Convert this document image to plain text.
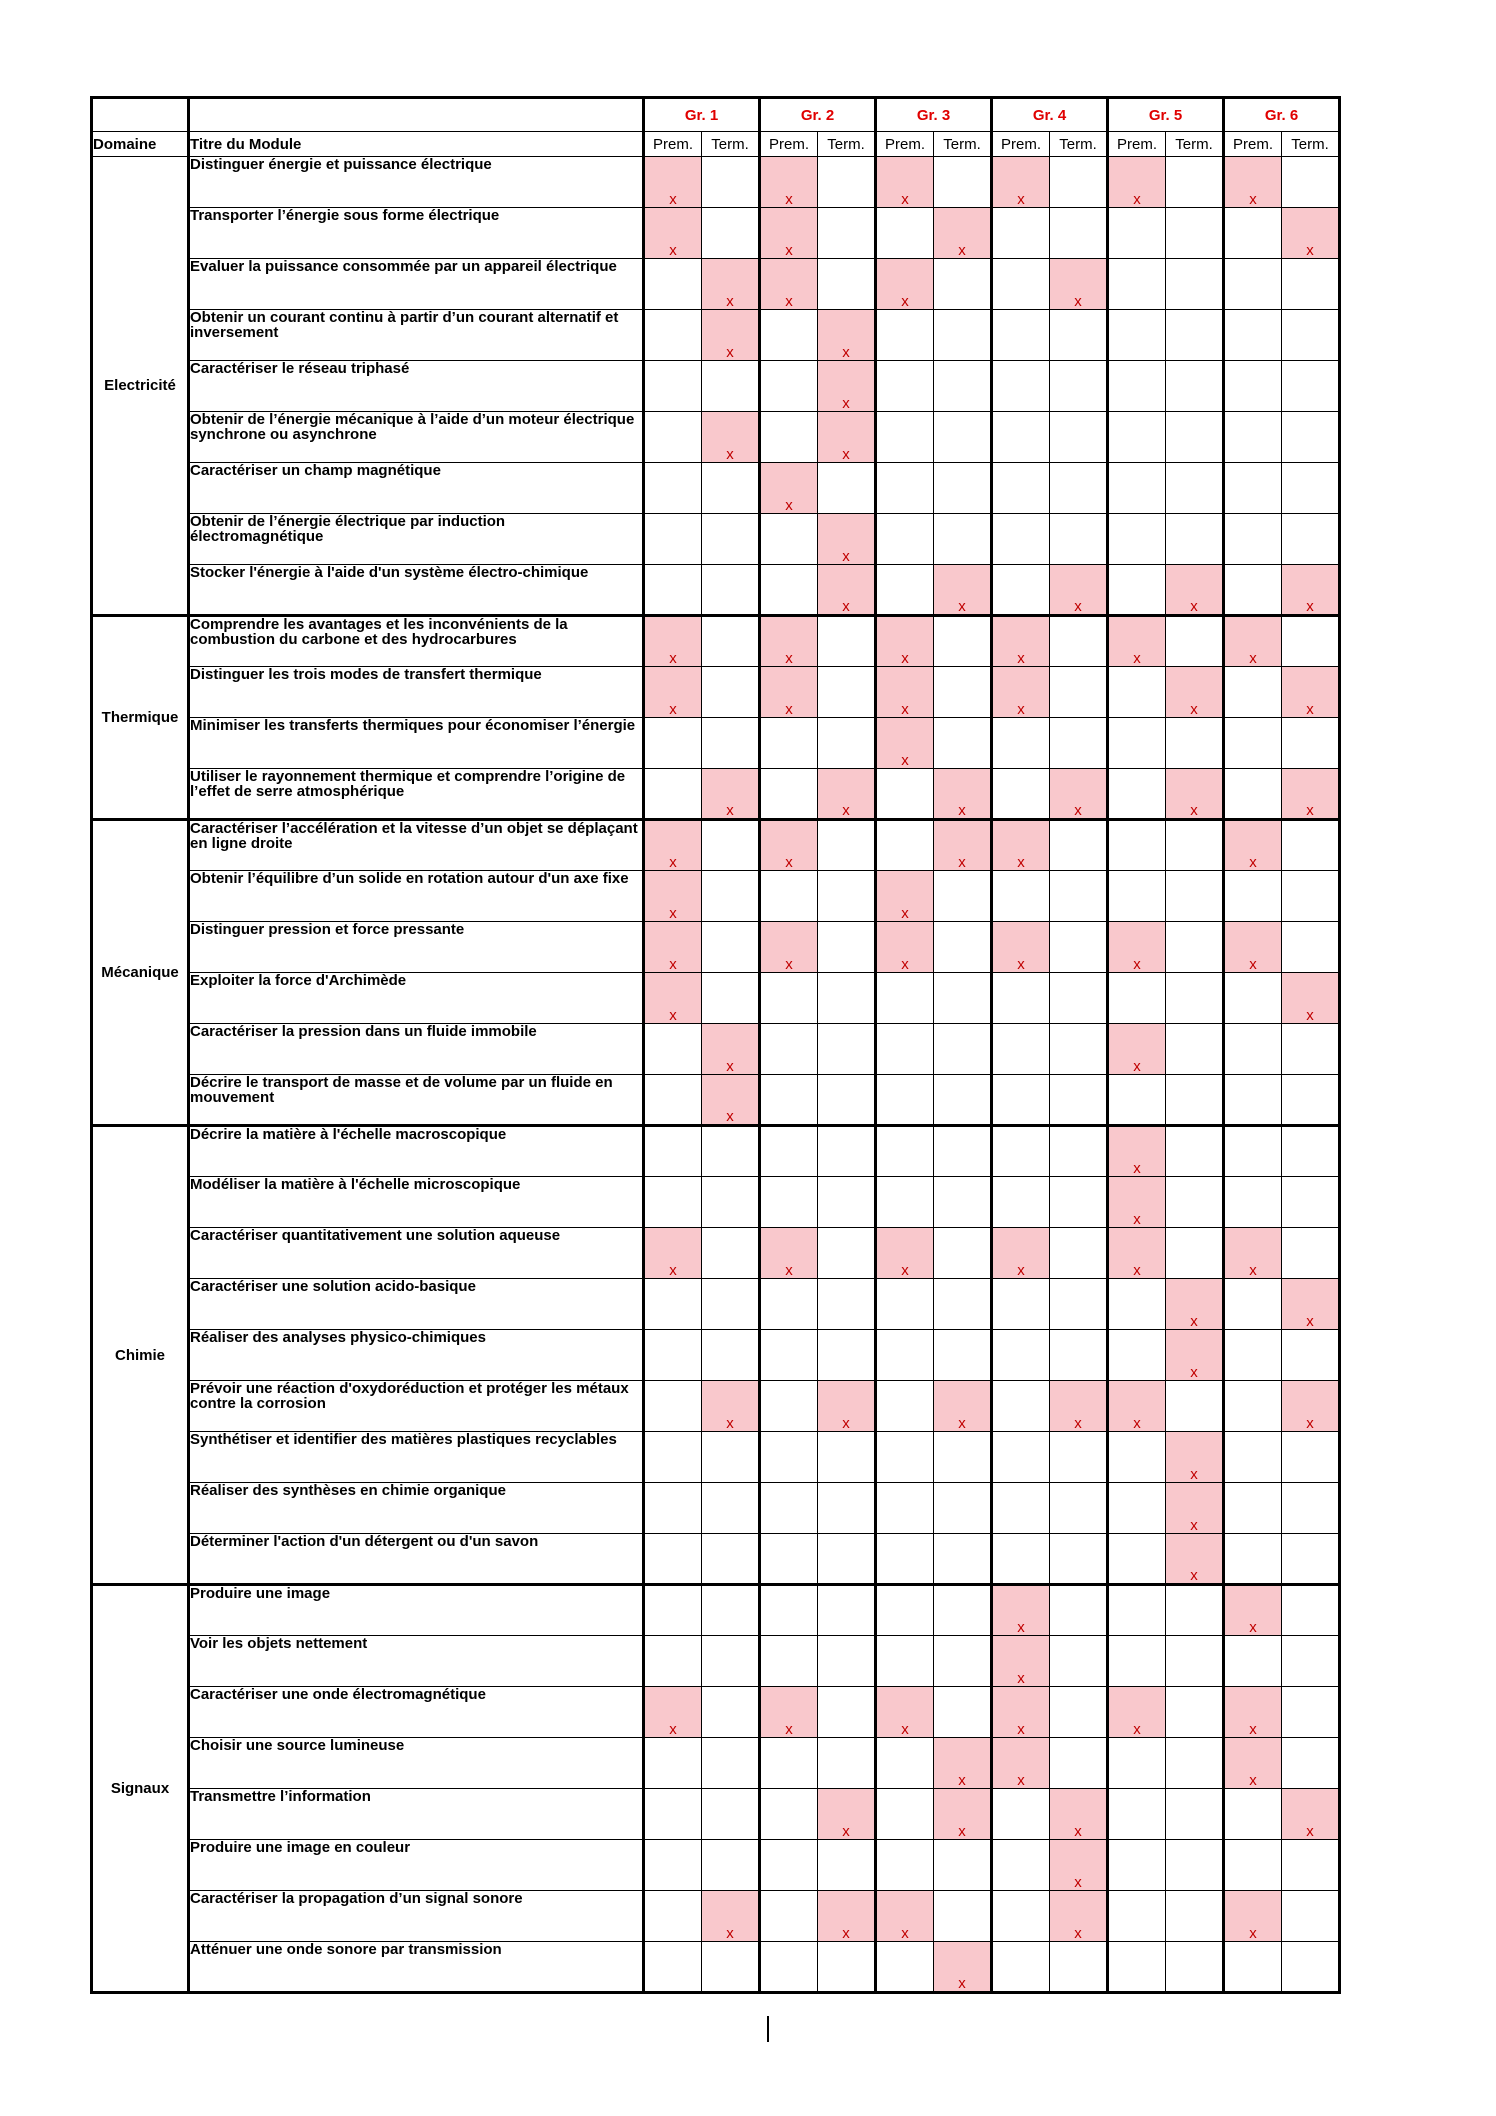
		Gr. 1		Gr. 2		Gr. 3		Gr. 4		Gr. 5		Gr. 6	
Domaine	Titre du Module	Prem.	Term.	Prem.	Term.	Prem.	Term.	Prem.	Term.	Prem.	Term.	Prem.	Term.
Electricité	Distinguer énergie et puissance électrique	x		x		x		x		x		x	
	Transporter l’énergie sous forme électrique	x		x			x						x
	Evaluer la puissance consommée par un appareil électrique		x	x		x			x				
	Obtenir un courant continu à partir d’un courant alternatif et inversement		x		x								
	Caractériser le réseau triphasé				x								
	Obtenir de l’énergie mécanique à l’aide d’un moteur électrique synchrone ou asynchrone		x		x								
	Caractériser un champ magnétique			x									
	Obtenir de l’énergie électrique par induction électromagnétique				x								
	Stocker l'énergie à l'aide d'un système électro-chimique				x		x		x		x		x
Thermique	Comprendre les avantages et les inconvénients de la combustion du carbone et des hydrocarbures	x		x		x		x		x		x	
	Distinguer les trois modes de transfert thermique	x		x		x		x			x		x
	Minimiser les transferts thermiques pour économiser l’énergie					x							
	Utiliser le rayonnement thermique et comprendre l’origine de l’effet de serre atmosphérique		x		x		x		x		x		x
Mécanique	Caractériser l’accélération et la vitesse d’un objet se déplaçant en ligne droite	x		x			x	x				x	
	Obtenir l’équilibre d’un solide en rotation autour d'un axe fixe	x				x							
	Distinguer pression et force pressante	x		x		x		x		x		x	
	Exploiter la force d'Archimède	x											x
	Caractériser la pression dans un fluide immobile		x							x			
	Décrire le transport de masse et de volume par un fluide en mouvement		x										
Chimie	Décrire la matière à l'échelle macroscopique									x			
	Modéliser la matière à l'échelle microscopique									x			
	Caractériser quantitativement une solution aqueuse	x		x		x		x		x		x	
	Caractériser une solution acido-basique										x		x
	Réaliser des analyses physico-chimiques										x		
	Prévoir une réaction d'oxydoréduction et protéger les métaux contre la corrosion		x		x		x		x	x			x
	Synthétiser et identifier des matières plastiques recyclables										x		
	Réaliser des synthèses en chimie organique										x		
	Déterminer l'action d'un détergent ou d'un savon										x		
Signaux	Produire une image							x				x	
	Voir les objets nettement							x					
	Caractériser une onde électromagnétique	x		x		x		x		x		x	
	Choisir une source lumineuse						x	x				x	
	Transmettre l’information				x		x		x				x
	Produire une image en couleur								x				
	Caractériser la propagation d’un signal sonore		x		x	x			x			x	
	Atténuer une onde sonore par transmission						x						
